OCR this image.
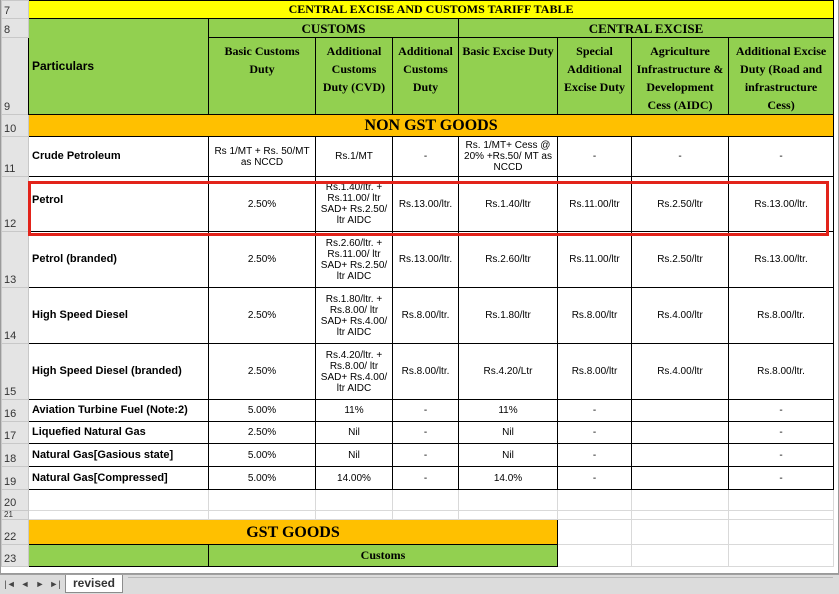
7	CENTRAL EXCISE AND CUSTOMS TARIFF TABLE							
8	Particulars	CUSTOMS			CENTRAL EXCISE			
9		Basic Customs Duty	Additional Customs Duty (CVD)	Additional Customs Duty	Basic Excise Duty	Special Additional Excise Duty	Agriculture Infrastructure & Development Cess (AIDC)	Additional Excise Duty (Road and infrastructure Cess)
10	NON GST GOODS							
11	Crude Petroleum	Rs 1/MT + Rs. 50/MT as NCCD	Rs.1/MT	-	Rs. 1/MT+ Cess @ 20% +Rs.50/ MT as NCCD	-	-	-
12	Petrol	2.50%	Rs.1.40/ltr. + Rs.11.00/ ltr SAD+ Rs.2.50/ ltr AIDC	Rs.13.00/ltr.	Rs.1.40/ltr	Rs.11.00/ltr	Rs.2.50/ltr	Rs.13.00/ltr.
13	Petrol (branded)	2.50%	Rs.2.60/ltr. + Rs.11.00/ ltr SAD+ Rs.2.50/ ltr AIDC	Rs.13.00/ltr.	Rs.2.60/ltr	Rs.11.00/ltr	Rs.2.50/ltr	Rs.13.00/ltr.
14	High Speed Diesel	2.50%	Rs.1.80/ltr. + Rs.8.00/ ltr SAD+ Rs.4.00/ ltr AIDC	Rs.8.00/ltr.	Rs.1.80/ltr	Rs.8.00/ltr	Rs.4.00/ltr	Rs.8.00/ltr.
15	High Speed Diesel (branded)	2.50%	Rs.4.20/ltr. + Rs.8.00/ ltr SAD+ Rs.4.00/ ltr AIDC	Rs.8.00/ltr.	Rs.4.20/Ltr	Rs.8.00/ltr	Rs.4.00/ltr	Rs.8.00/ltr.
16	Aviation Turbine Fuel (Note:2)	5.00%	11%	-	11%	-		-
17	Liquefied Natural Gas	2.50%	Nil	-	Nil	-		-
18	Natural Gas[Gasious state]	5.00%	Nil	-	Nil	-		-
19	Natural Gas[Compressed]	5.00%	14.00%	-	14.0%	-		-
20								
21								
22	GST GOODS							
23		Customs						
|◄ ◄ ► ►|	revised
